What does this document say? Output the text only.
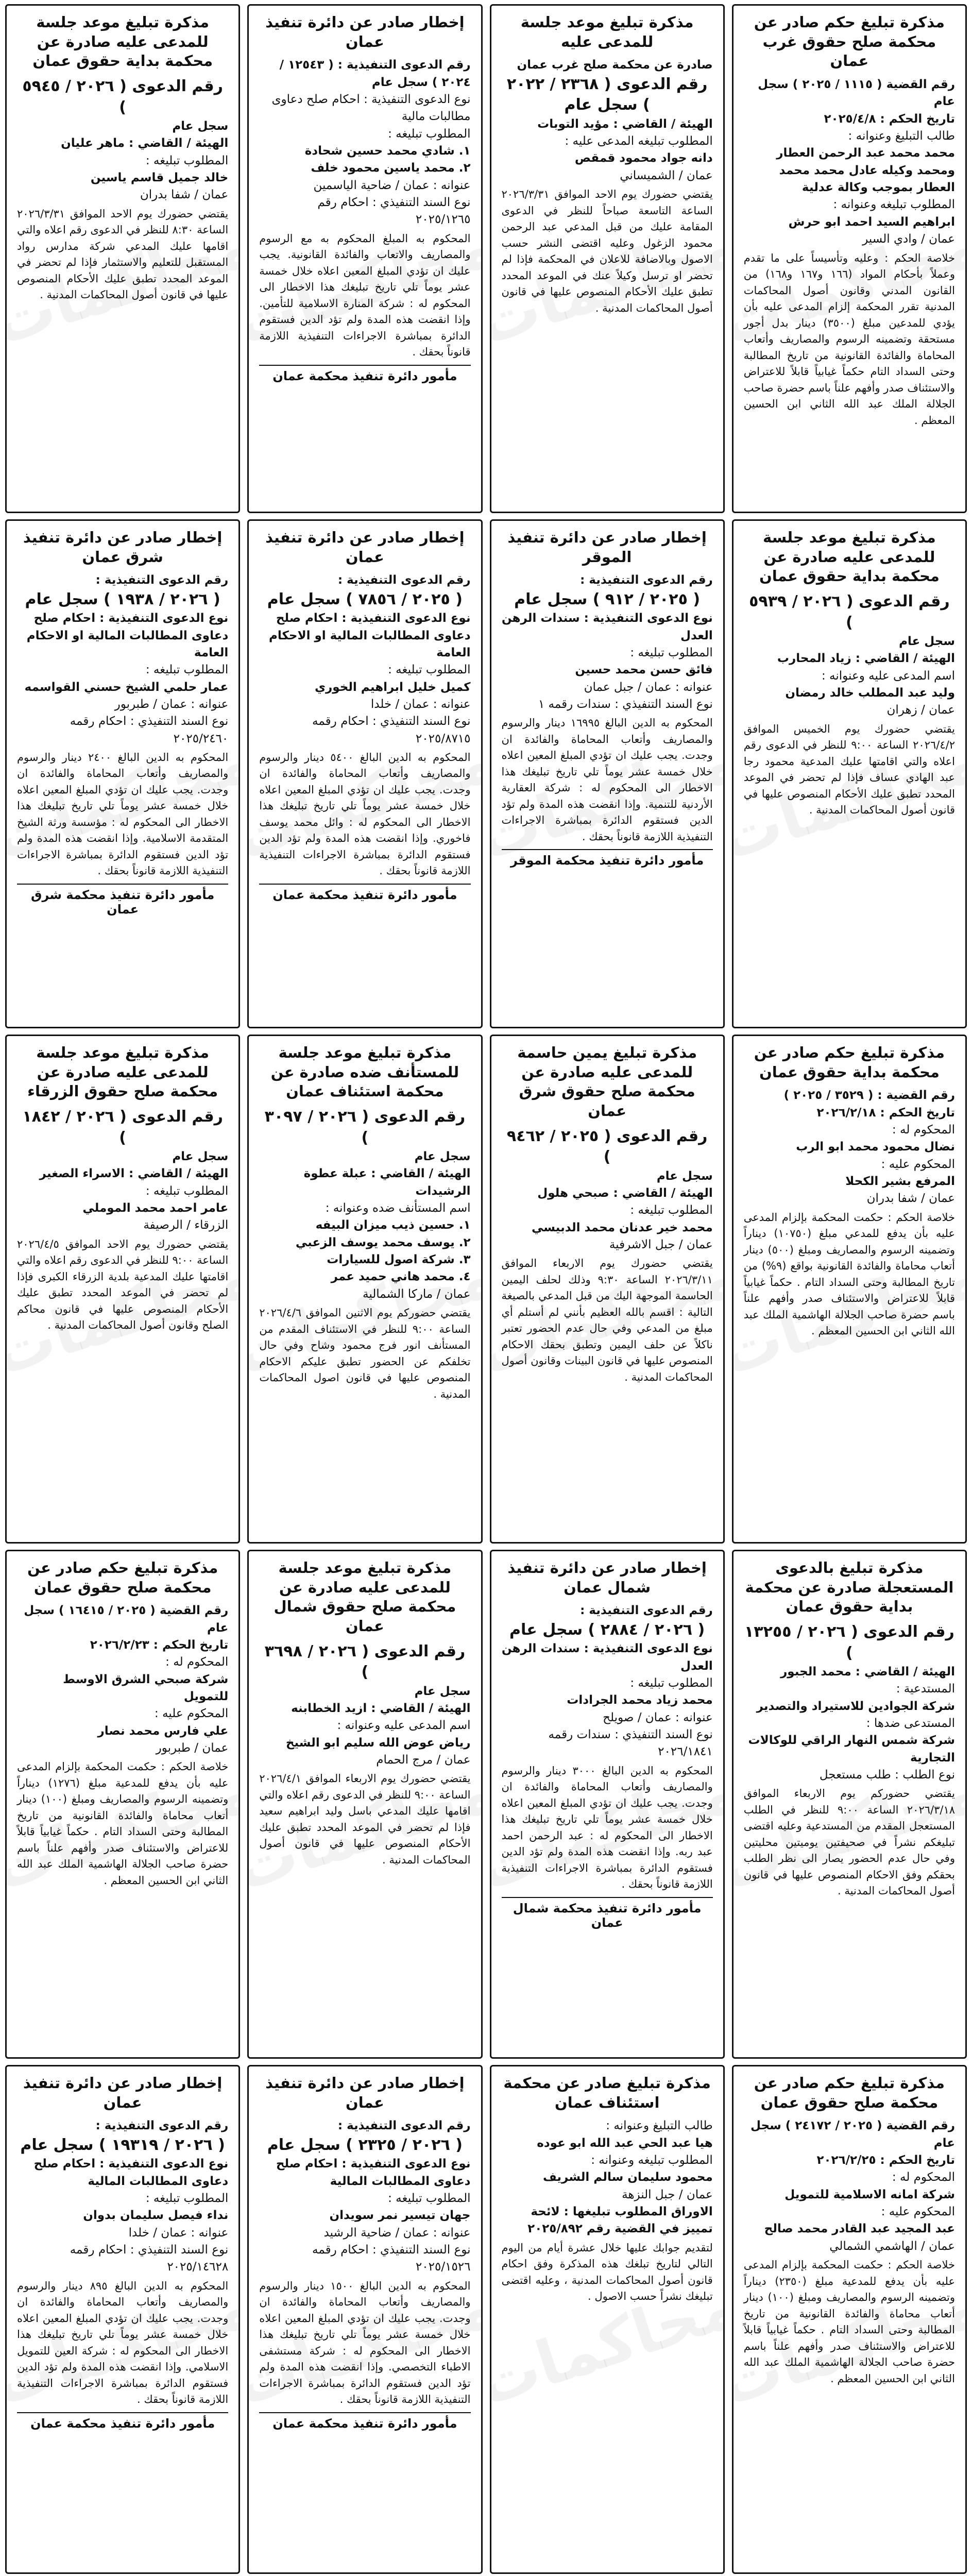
مذكرة تبليغ حكم صادر عن محكمة صلح حقوق غرب عمان
رقم القضية ( ١١١٥ / ٢٠٢٥ ) سجل عام
تاريخ الحكم : ٢٠٢٥/٤/٨
طالب التبليغ وعنوانه :
محمد محمد عبد الرحمن العطار ومحمد وكيله عادل محمد محمد العطار بموجب وكالة عدلية
المطلوب تبليغه وعنوانه :
ابراهيم السيد احمد ابو حرش
عمان / وادي السير
خلاصة الحكم : وعليه وتأسيساً على ما تقدم وعملاً بأحكام المواد (١٦٦ و١٦٧ و١٦٨) من القانون المدني وقانون أصول المحاكمات المدنية تقرر المحكمة إلزام المدعى عليه بأن يؤدي للمدعين مبلغ (٣٥٠٠) دينار بدل أجور مستحقة وتضمينه الرسوم والمصاريف وأتعاب المحاماة والفائدة القانونية من تاريخ المطالبة وحتى السداد التام حكماً غيابياً قابلاً للاعتراض والاستئناف صدر وأفهم علناً باسم حضرة صاحب الجلالة الملك عبد الله الثاني ابن الحسين المعظم .
محاكمات
مذكرة تبليغ موعد جلسة للمدعى عليه
صادرة عن محكمة صلح غرب عمان
رقم الدعوى ( ٢٣٦٨ / ٢٠٢٢ ) سجل عام
الهيئة / القاضي : مؤيد التوبات
المطلوب تبليغه المدعى عليه :
دانه جواد محمود قمقص
عمان / الشميساني
يقتضي حضورك يوم الاحد الموافق ٢٠٢٦/٣/٣١ الساعة التاسعة صباحاً للنظر في الدعوى المقامة عليك من قبل المدعي عبد الرحمن محمود الزغول وعليه اقتضى النشر حسب الاصول وبالاضافة للاعلان في المحكمة فإذا لم تحضر او ترسل وكيلاً عنك في الموعد المحدد تطبق عليك الأحكام المنصوص عليها في قانون أصول المحاكمات المدنية .
محاكمات
إخطار صادر عن دائرة تنفيذ عمان
رقم الدعوى التنفيذية : ( ١٢٥٤٣ / ٢٠٢٤ ) سجل عام
نوع الدعوى التنفيذية : احكام صلح دعاوى مطالبات مالية
المطلوب تبليغه :
١. شادي محمد حسين شحادة
٢. محمد ياسين محمود خلف
عنوانه : عمان / ضاحية الياسمين
نوع السند التنفيذي : احكام رقم ٢٠٢٥/١٢٦٥
المحكوم به المبلغ المحكوم به مع الرسوم والمصاريف والاتعاب والفائدة القانونية. يجب عليك ان تؤدي المبلغ المعين اعلاه خلال خمسة عشر يوماً تلي تاريخ تبليغك هذا الاخطار الى المحكوم له : شركة المنارة الاسلامية للتأمين. وإذا انقضت هذه المدة ولم تؤد الدين فستقوم الدائرة بمباشرة الاجراءات التنفيذية اللازمة قانوناً بحقك .
مأمور دائرة تنفيذ محكمة عمان
محاكمات
مذكرة تبليغ موعد جلسة للمدعى عليه صادرة عن محكمة بداية حقوق عمان
رقم الدعوى ( ٢٠٢٦ / ٥٩٤٥ )
سجل عام
الهيئة / القاضي : ماهر عليان
المطلوب تبليغه :
خالد جميل قاسم ياسين
عمان / شفا بدران
يقتضي حضورك يوم الاحد الموافق ٢٠٢٦/٣/٣١ الساعة ٨:٣٠ للنظر في الدعوى رقم اعلاه والتي اقامها عليك المدعي شركة مدارس رواد المستقبل للتعليم والاستثمار فإذا لم تحضر في الموعد المحدد تطبق عليك الأحكام المنصوص عليها في قانون أصول المحاكمات المدنية .
محاكمات
مذكرة تبليغ موعد جلسة للمدعى عليه صادرة عن محكمة بداية حقوق عمان
رقم الدعوى ( ٢٠٢٦ / ٥٩٣٩ )
سجل عام
الهيئة / القاضي : زياد المحارب
اسم المدعى عليه وعنوانه :
وليد عبد المطلب خالد رمضان
عمان / زهران
يقتضي حضورك يوم الخميس الموافق ٢٠٢٦/٤/٢ الساعة ٩:٠٠ للنظر في الدعوى رقم اعلاه والتي اقامتها عليك المدعية محمود رجا عبد الهادي عساف فإذا لم تحضر في الموعد المحدد تطبق عليك الأحكام المنصوص عليها في قانون أصول المحاكمات المدنية .
محاكمات
إخطار صادر عن دائرة تنفيذ الموقر
رقم الدعوى التنفيذية :
( ٢٠٢٥ / ٩١٢ ) سجل عام
نوع الدعوى التنفيذية : سندات الرهن العدل
المطلوب تبليغه :
فائق حسن محمد حسين
عنوانه : عمان / جبل عمان
نوع السند التنفيذي : سندات رقمه ١
المحكوم به الدين البالغ ١٦٩٩٥ دينار والرسوم والمصاريف وأتعاب المحاماة والفائدة ان وجدت. يجب عليك ان تؤدي المبلغ المعين اعلاه خلال خمسة عشر يوماً تلي تاريخ تبليغك هذا الاخطار الى المحكوم له : شركة العقارية الأردنية للتنمية. وإذا انقضت هذه المدة ولم تؤد الدين فستقوم الدائرة بمباشرة الاجراءات التنفيذية اللازمة قانوناً بحقك .
مأمور دائرة تنفيذ محكمة الموقر
محاكمات
إخطار صادر عن دائرة تنفيذ عمان
رقم الدعوى التنفيذية :
( ٢٠٢٥ / ٧٨٥٦ ) سجل عام
نوع الدعوى التنفيذية : احكام صلح دعاوى المطالبات المالية او الاحكام العامة
المطلوب تبليغه :
كميل خليل ابراهيم الخوري
عنوانه : عمان / خلدا
نوع السند التنفيذي : احكام رقمه ٢٠٢٥/٨٧١٥
المحكوم به الدين البالغ ٥٤٠٠ دينار والرسوم والمصاريف وأتعاب المحاماة والفائدة ان وجدت. يجب عليك ان تؤدي المبلغ المعين اعلاه خلال خمسة عشر يوماً تلي تاريخ تبليغك هذا الاخطار الى المحكوم له : وائل محمد يوسف فاخوري. وإذا انقضت هذه المدة ولم تؤد الدين فستقوم الدائرة بمباشرة الاجراءات التنفيذية اللازمة قانوناً بحقك .
مأمور دائرة تنفيذ محكمة عمان
محاكمات
إخطار صادر عن دائرة تنفيذ شرق عمان
رقم الدعوى التنفيذية :
( ٢٠٢٦ / ١٩٣٨ ) سجل عام
نوع الدعوى التنفيذية : احكام صلح دعاوى المطالبات المالية او الاحكام العامة
المطلوب تبليغه :
عمار حلمي الشيخ حسني القواسمه
عنوانه : عمان / طبربور
نوع السند التنفيذي : احكام رقمه ٢٠٢٥/٢٤٦٠
المحكوم به الدين البالغ ٢٤٠٠ دينار والرسوم والمصاريف وأتعاب المحاماة والفائدة ان وجدت. يجب عليك ان تؤدي المبلغ المعين اعلاه خلال خمسة عشر يوماً تلي تاريخ تبليغك هذا الاخطار الى المحكوم له : مؤسسة ورثة الشيخ المتقدمة الاسلامية. وإذا انقضت هذه المدة ولم تؤد الدين فستقوم الدائرة بمباشرة الاجراءات التنفيذية اللازمة قانوناً بحقك .
مأمور دائرة تنفيذ محكمة شرق عمان
محاكمات
مذكرة تبليغ حكم صادر عن محكمة بداية حقوق عمان
رقم القضية : ( ٣٥٢٩ / ٢٠٢٥ )
تاريخ الحكم : ٢٠٢٦/٢/١٨
المحكوم له :
نضال محمود محمد ابو الرب
المحكوم عليه :
المرفع بشير الكحلا
عمان / شفا بدران
خلاصة الحكم : حكمت المحكمة بإلزام المدعى عليه بأن يدفع للمدعي مبلغ (١٠٧٥٠) ديناراً وتضمينه الرسوم والمصاريف ومبلغ (٥٠٠) دينار أتعاب محاماة والفائدة القانونية بواقع (٩%) من تاريخ المطالبة وحتى السداد التام . حكماً غيابياً قابلاً للاعتراض والاستئناف صدر وأفهم علناً باسم حضرة صاحب الجلالة الهاشمية الملك عبد الله الثاني ابن الحسين المعظم .
محاكمات
مذكرة تبليغ يمين حاسمة للمدعى عليه صادرة عن محكمة صلح حقوق شرق عمان
رقم الدعوى ( ٢٠٢٥ / ٩٤٦٢ )
سجل عام
الهيئة / القاضي : صبحي هلول
المطلوب تبليغه :
محمد خير عدنان محمد الدبيسي
عمان / جبل الاشرفية
يقتضي حضورك يوم الاربعاء الموافق ٢٠٢٦/٣/١١ الساعة ٩:٣٠ وذلك لحلف اليمين الحاسمة الموجهة اليك من قبل المدعي بالصيغة التالية : اقسم بالله العظيم بأنني لم أستلم أي مبلغ من المدعي وفي حال عدم الحضور تعتبر ناكلاً عن حلف اليمين وتطبق بحقك الاحكام المنصوص عليها في قانون البينات وقانون أصول المحاكمات المدنية .
محاكمات
مذكرة تبليغ موعد جلسة للمستأنف ضده صادرة عن محكمة استئناف عمان
رقم الدعوى ( ٢٠٢٦ / ٣٠٩٧ )
سجل عام
الهيئة / القاضي : عبلة عطوة الرشيدات
اسم المستأنف ضده وعنوانه :
١. حسين ذيب ميزان البيفه
٢. يوسف محمد يوسف الزعبي
٣. شركة اصول للسيارات
٤. محمد هاني حميد عمر
عمان / ماركا الشمالية
يقتضي حضوركم يوم الاثنين الموافق ٢٠٢٦/٤/٦ الساعة ٩:٠٠ للنظر في الاستئناف المقدم من المستأنف انور فرج محمود وشاح وفي حال تخلفكم عن الحضور تطبق عليكم الاحكام المنصوص عليها في قانون اصول المحاكمات المدنية .
محاكمات
مذكرة تبليغ موعد جلسة للمدعى عليه صادرة عن محكمة صلح حقوق الزرقاء
رقم الدعوى ( ٢٠٢٦ / ١٨٤٢ )
سجل عام
الهيئة / القاضي : الاسراء الصغير
المطلوب تبليغه :
عامر احمد محمد الموملي
الزرقاء / الرصيفة
يقتضي حضورك يوم الاحد الموافق ٢٠٢٦/٤/٥ الساعة ٩:٠٠ للنظر في الدعوى رقم اعلاه والتي اقامتها عليك المدعية بلدية الزرقاء الكبرى فإذا لم تحضر في الموعد المحدد تطبق عليك الأحكام المنصوص عليها في قانون محاكم الصلح وقانون أصول المحاكمات المدنية .
محاكمات
مذكرة تبليغ بالدعوى المستعجلة صادرة عن محكمة بداية حقوق عمان
رقم الدعوى ( ٢٠٢٦ / ١٣٢٥٥ )
الهيئة / القاضي : محمد الجبور
المستدعية :
شركة الجوادين للاستيراد والتصدير
المستدعى ضدها :
شركة شمس النهار الراقي للوكالات التجارية
نوع الطلب : طلب مستعجل
يقتضي حضوركم يوم الاربعاء الموافق ٢٠٢٦/٣/١٨ الساعة ٩:٠٠ للنظر في الطلب المستعجل المقدم من المستدعية وعليه اقتضى تبليغكم نشراً في صحيفتين يوميتين محليتين وفي حال عدم الحضور يصار الى نظر الطلب بحقكم وفق الاحكام المنصوص عليها في قانون أصول المحاكمات المدنية .
محاكمات
إخطار صادر عن دائرة تنفيذ شمال عمان
رقم الدعوى التنفيذية :
( ٢٠٢٦ / ٢٨٨٤ ) سجل عام
نوع الدعوى التنفيذية : سندات الرهن العدل
المطلوب تبليغه :
محمد زياد محمد الجرادات
عنوانه : عمان / صويلح
نوع السند التنفيذي : سندات رقمه ٢٠٢٦/١٨٤١
المحكوم به الدين البالغ ٣٠٠٠ دينار والرسوم والمصاريف وأتعاب المحاماة والفائدة ان وجدت. يجب عليك ان تؤدي المبلغ المعين اعلاه خلال خمسة عشر يوماً تلي تاريخ تبليغك هذا الاخطار الى المحكوم له : عبد الرحمن احمد عبد ربه. وإذا انقضت هذه المدة ولم تؤد الدين فستقوم الدائرة بمباشرة الاجراءات التنفيذية اللازمة قانوناً بحقك .
مأمور دائرة تنفيذ محكمة شمال عمان
محاكمات
مذكرة تبليغ موعد جلسة للمدعى عليه صادرة عن محكمة صلح حقوق شمال عمان
رقم الدعوى ( ٢٠٢٦ / ٣٦٩٨ )
سجل عام
الهيئة / القاضي : ازيد الخطابنه
اسم المدعى عليه وعنوانه :
رياض عوض الله سليم ابو الشيخ
عمان / مرج الحمام
يقتضي حضورك يوم الاربعاء الموافق ٢٠٢٦/٤/١ الساعة ٩:٠٠ للنظر في الدعوى رقم اعلاه والتي اقامها عليك المدعي باسل وليد ابراهيم سعيد فإذا لم تحضر في الموعد المحدد تطبق عليك الأحكام المنصوص عليها في قانون أصول المحاكمات المدنية .
محاكمات
مذكرة تبليغ حكم صادر عن محكمة صلح حقوق عمان
رقم القضية ( ٢٠٢٥ / ١٦٤١٥ ) سجل عام
تاريخ الحكم : ٢٠٢٦/٢/٢٣
المحكوم له :
شركة صبحي الشرق الاوسط للتمويل
المحكوم عليه :
علي فارس محمد نصار
عمان / طبربور
خلاصة الحكم : حكمت المحكمة بإلزام المدعى عليه بأن يدفع للمدعية مبلغ (١٢٧٦) ديناراً وتضمينه الرسوم والمصاريف ومبلغ (١٠٠) دينار أتعاب محاماة والفائدة القانونية من تاريخ المطالبة وحتى السداد التام . حكماً غيابياً قابلاً للاعتراض والاستئناف صدر وأفهم علناً باسم حضرة صاحب الجلالة الهاشمية الملك عبد الله الثاني ابن الحسين المعظم .
محاكمات
مذكرة تبليغ حكم صادر عن محكمة صلح حقوق عمان
رقم القضية ( ٢٠٢٥ / ٢٤١٧٢ ) سجل عام
تاريخ الحكم : ٢٠٢٦/٢/٢٥
المحكوم له :
شركة امانه الاسلامية للتمويل
المحكوم عليه :
عبد المجيد عبد القادر محمد صالح
عمان / الهاشمي الشمالي
خلاصة الحكم : حكمت المحكمة بإلزام المدعى عليه بأن يدفع للمدعية مبلغ (٢٣٥٠) ديناراً وتضمينه الرسوم والمصاريف ومبلغ (١٠٠) دينار أتعاب محاماة والفائدة القانونية من تاريخ المطالبة وحتى السداد التام . حكماً غيابياً قابلاً للاعتراض والاستئناف صدر وأفهم علناً باسم حضرة صاحب الجلالة الهاشمية الملك عبد الله الثاني ابن الحسين المعظم .
محاكمات
مذكرة تبليغ صادر عن محكمة استئناف عمان
طالب التبليغ وعنوانه :
هيا عبد الحي عبد الله ابو عوده
المطلوب تبليغه وعنوانه :
محمود سليمان سالم الشريف
عمان / جبل النزهة
الاوراق المطلوب تبليغها : لائحة تمييز في القضية رقم ٢٠٢٥/٨٩٢
لتقديم جوابك عليها خلال عشرة أيام من اليوم التالي لتاريخ تبلغك هذه المذكرة وفق احكام قانون أصول المحاكمات المدنية ، وعليه اقتضى تبليغك نشراً حسب الاصول .
محاكمات
إخطار صادر عن دائرة تنفيذ عمان
رقم الدعوى التنفيذية :
( ٢٠٢٦ / ٢٣٢٥ ) سجل عام
نوع الدعوى التنفيذية : احكام صلح دعاوى المطالبات المالية
المطلوب تبليغه :
جهان تيسير نمر سويدان
عنوانه : عمان / ضاحية الرشيد
نوع السند التنفيذي : احكام رقمه ٢٠٢٥/١٥٢٦
المحكوم به الدين البالغ ١٥٠٠ دينار والرسوم والمصاريف وأتعاب المحاماة والفائدة ان وجدت. يجب عليك ان تؤدي المبلغ المعين اعلاه خلال خمسة عشر يوماً تلي تاريخ تبليغك هذا الاخطار الى المحكوم له : شركة مستشفى الاطباء التخصصي. وإذا انقضت هذه المدة ولم تؤد الدين فستقوم الدائرة بمباشرة الاجراءات التنفيذية اللازمة قانوناً بحقك .
مأمور دائرة تنفيذ محكمة عمان
محاكمات
إخطار صادر عن دائرة تنفيذ عمان
رقم الدعوى التنفيذية :
( ٢٠٢٦ / ١٩٣١٩ ) سجل عام
نوع الدعوى التنفيذية : احكام صلح دعاوى المطالبات المالية
المطلوب تبليغه :
نداء فيصل سليمان بدوان
عنوانه : عمان / خلدا
نوع السند التنفيذي : احكام رقمه ٢٠٢٥/١٤٦٢٨
المحكوم به الدين البالغ ٨٩٥ دينار والرسوم والمصاريف وأتعاب المحاماة والفائدة ان وجدت. يجب عليك ان تؤدي المبلغ المعين اعلاه خلال خمسة عشر يوماً تلي تاريخ تبليغك هذا الاخطار الى المحكوم له : شركة العين للتمويل الاسلامي. وإذا انقضت هذه المدة ولم تؤد الدين فستقوم الدائرة بمباشرة الاجراءات التنفيذية اللازمة قانوناً بحقك .
مأمور دائرة تنفيذ محكمة عمان
محاكمات
